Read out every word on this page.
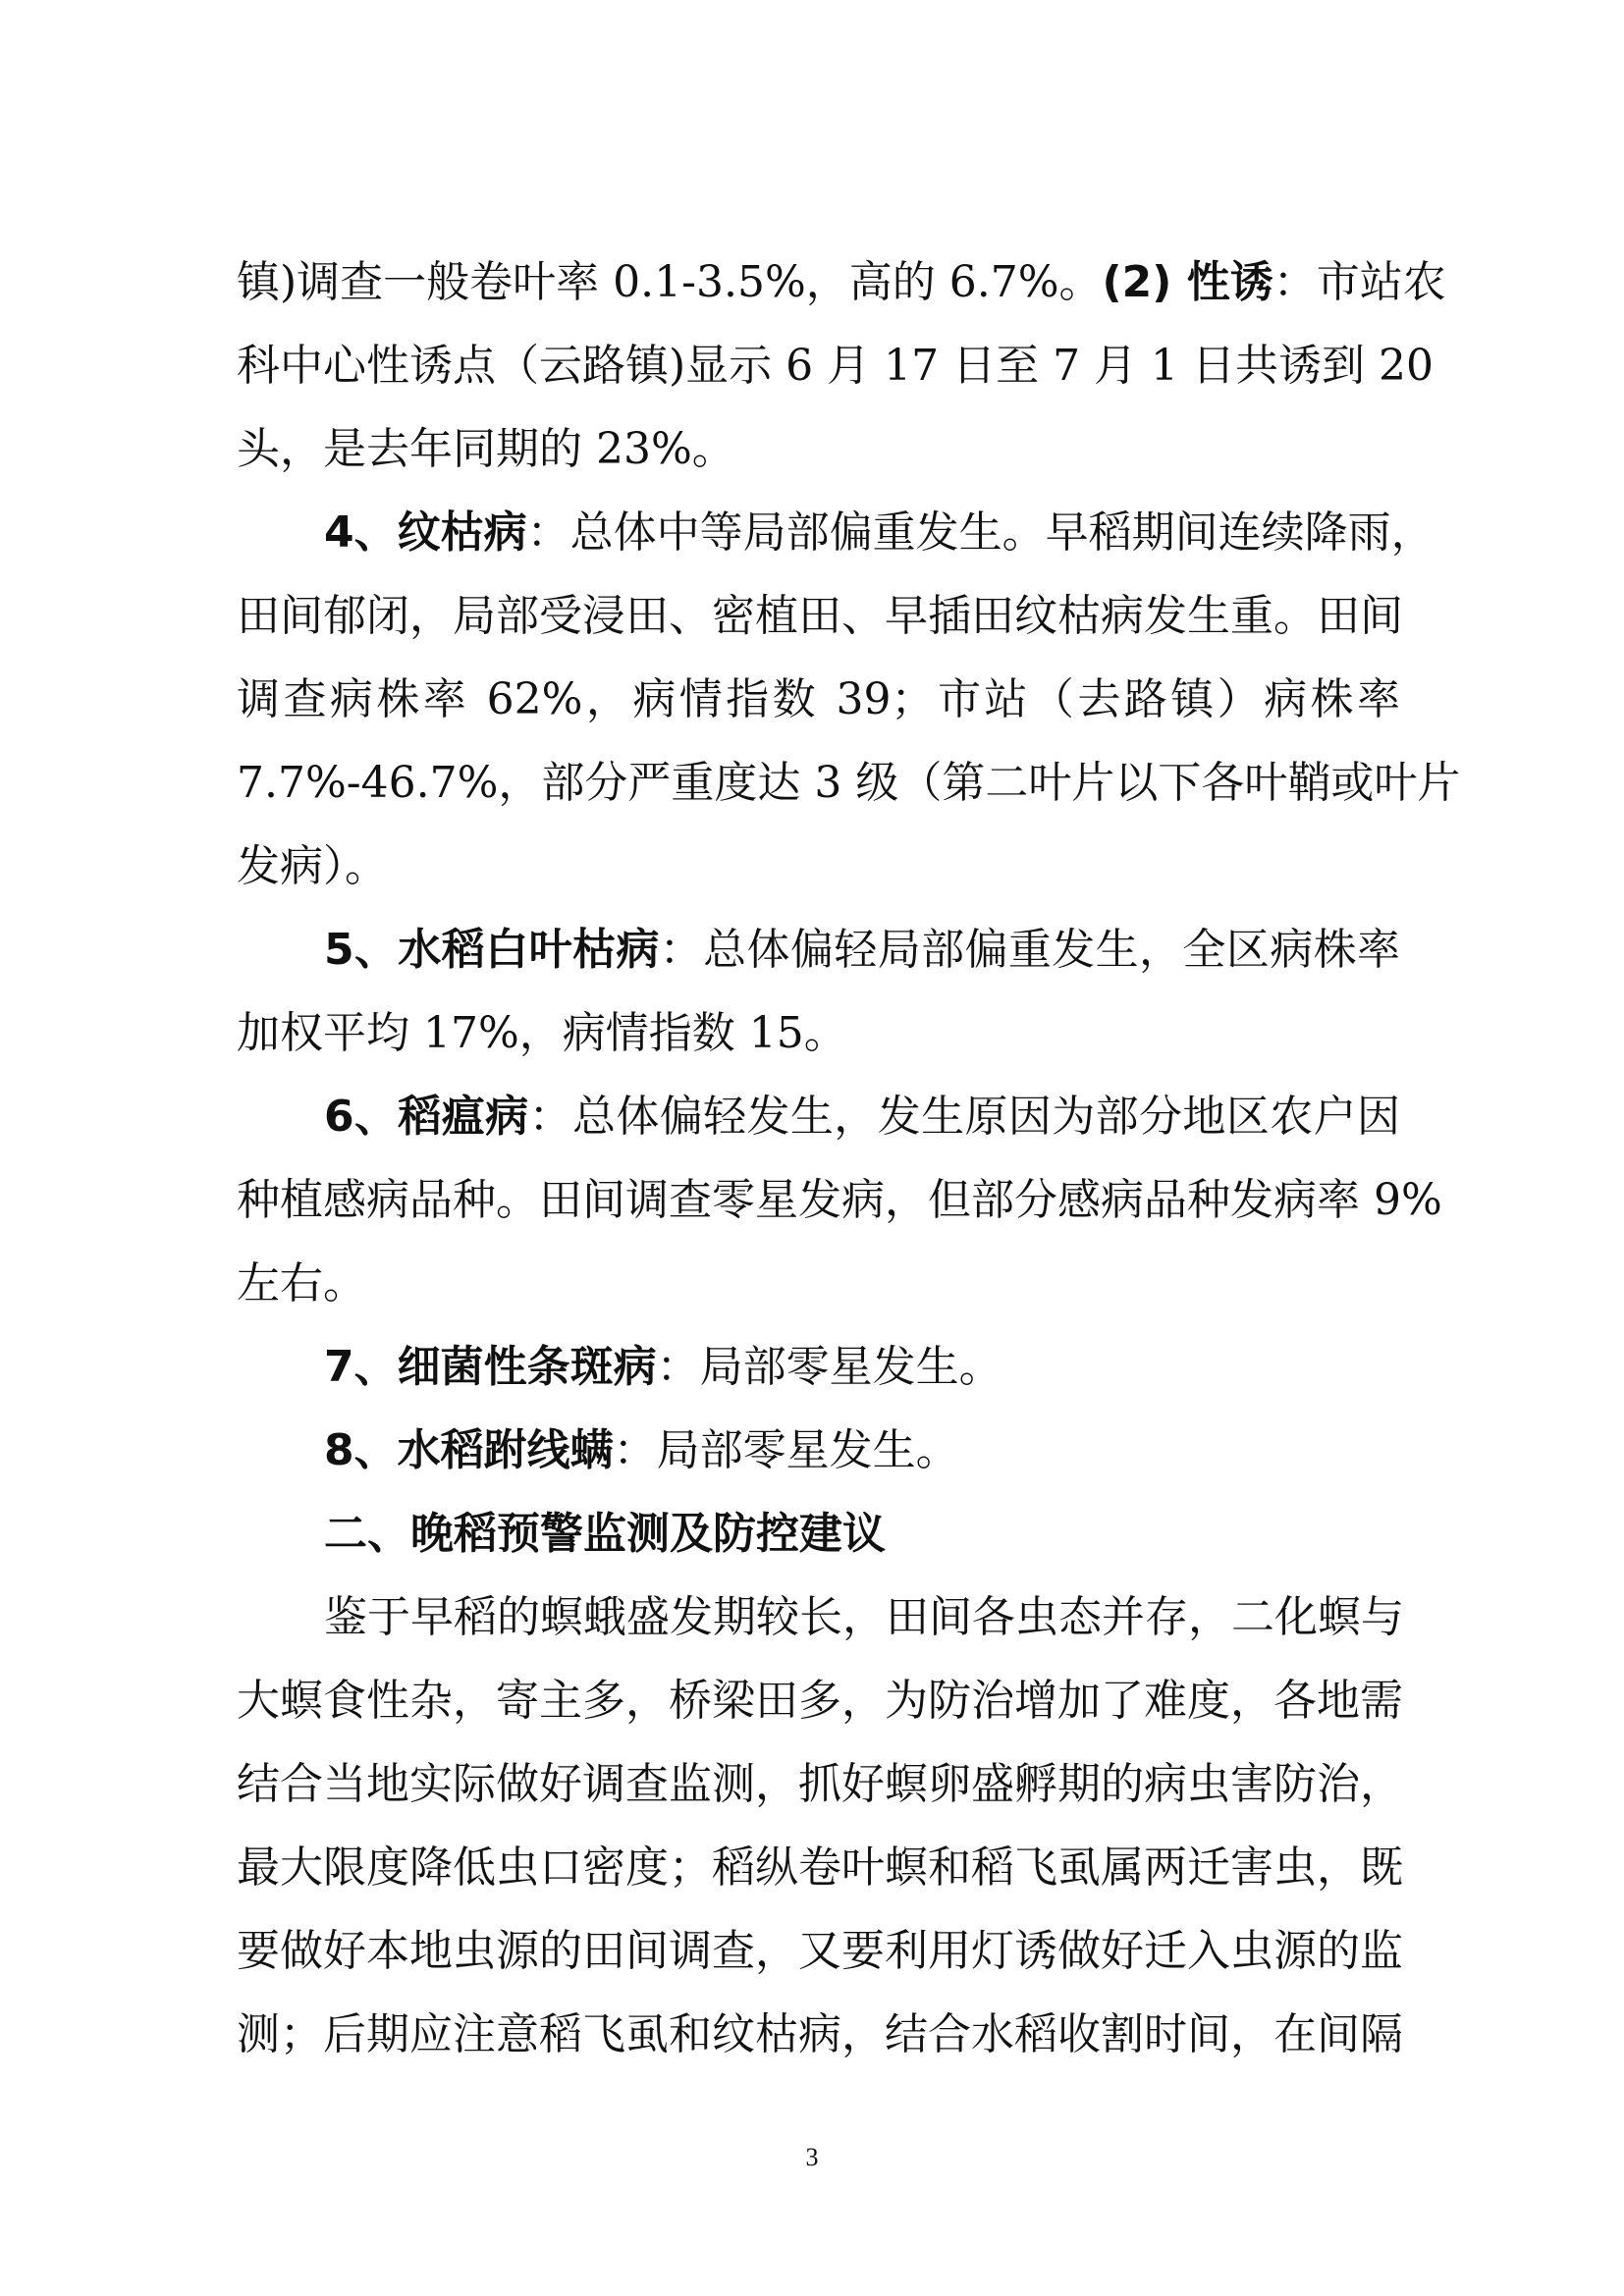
镇)调查一般卷叶率 0.1-3.5%，高的 6.7%。(2) 性诱：市站农

科中心性诱点（云路镇)显示 6 月 17 日至 7 月 1 日共诱到 20

头，是去年同期的 23%。

4、纹枯病：总体中等局部偏重发生。早稻期间连续降雨，

田间郁闭，局部受浸田、密植田、早插田纹枯病发生重。田间

调查病株率 62%，病情指数 39；市站（去路镇）病株率

7.7%-46.7%，部分严重度达 3 级（第二叶片以下各叶鞘或叶片

发病）。

5、水稻白叶枯病：总体偏轻局部偏重发生，全区病株率

加权平均 17%，病情指数 15。

6、稻瘟病：总体偏轻发生，发生原因为部分地区农户因

种植感病品种。田间调查零星发病，但部分感病品种发病率 9%

左右。

7、细菌性条斑病：局部零星发生。

8、水稻跗线螨：局部零星发生。

二、晚稻预警监测及防控建议

鉴于早稻的螟蛾盛发期较长，田间各虫态并存，二化螟与

大螟食性杂，寄主多，桥梁田多，为防治增加了难度，各地需

结合当地实际做好调查监测，抓好螟卵盛孵期的病虫害防治，

最大限度降低虫口密度；稻纵卷叶螟和稻飞虱属两迁害虫，既

要做好本地虫源的田间调查，又要利用灯诱做好迁入虫源的监

测；后期应注意稻飞虱和纹枯病，结合水稻收割时间，在间隔

3
